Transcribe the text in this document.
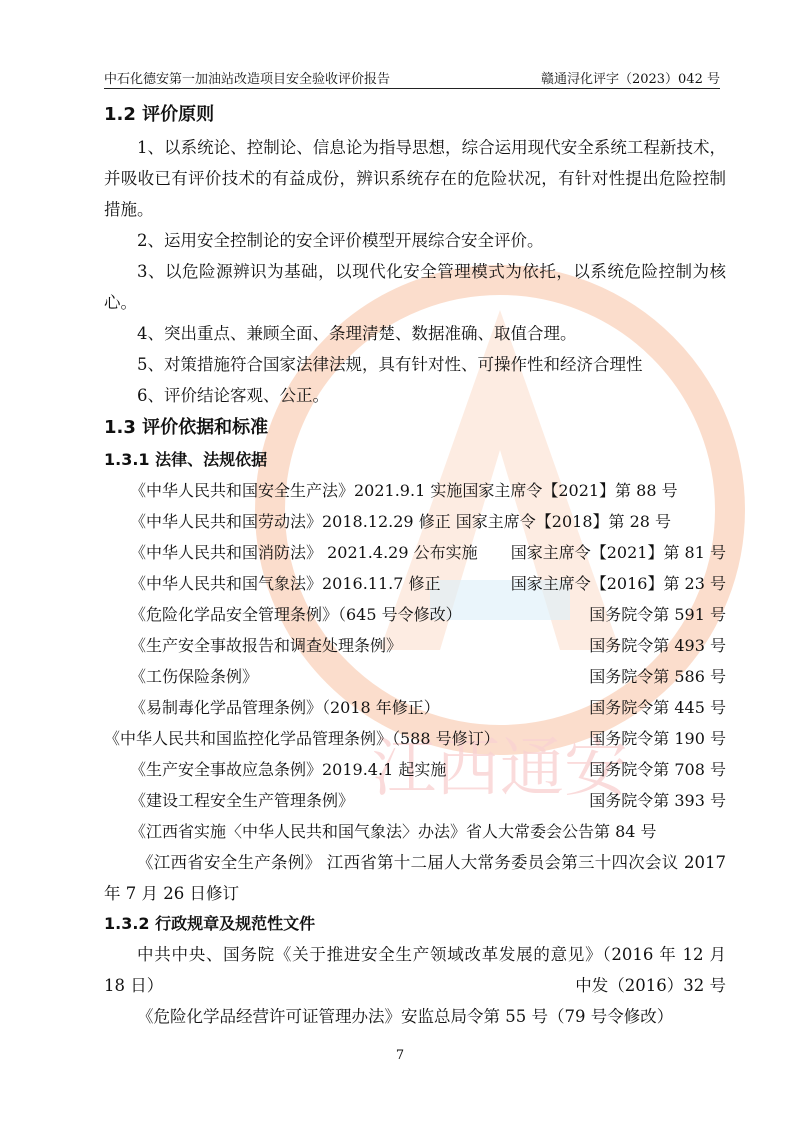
江西通安
中石化德安第一加油站改造项目安全验收评价报告	赣通浔化评字（2023）042 号
1.2 评价原则
1、以系统论、控制论、信息论为指导思想，综合运用现代安全系统工程新技术，并吸收已有评价技术的有益成份，辨识系统存在的危险状况，有针对性提出危险控制措施。
2、运用安全控制论的安全评价模型开展综合安全评价。
3、以危险源辨识为基础，以现代化安全管理模式为依托，以系统危险控制为核心。
4、突出重点、兼顾全面、条理清楚、数据准确、取值合理。
5、对策措施符合国家法律法规，具有针对性、可操作性和经济合理性
6、评价结论客观、公正。
1.3 评价依据和标准
1.3.1 法律、法规依据
《中华人民共和国安全生产法》2021.9.1 实施国家主席令【2021】第 88 号
《中华人民共和国劳动法》2018.12.29 修正 国家主席令【2018】第 28 号
《中华人民共和国消防法》 2021.4.29 公布实施 国家主席令【2021】第 81 号
《中华人民共和国气象法》2016.11.7 修正	国家主席令【2016】第 23 号
《危险化学品安全管理条例》（645 号令修改）	国务院令第 591 号
《生产安全事故报告和调查处理条例》	国务院令第 493 号
《工伤保险条例》	国务院令第 586 号
《易制毒化学品管理条例》（2018 年修正）	国务院令第 445 号
《中华人民共和国监控化学品管理条例》（588 号修订）	国务院令第 190 号
《生产安全事故应急条例》2019.4.1 起实施	国务院令第 708 号
《建设工程安全生产管理条例》	国务院令第 393 号
《江西省实施〈中华人民共和国气象法〉办法》省人大常委会公告第 84 号
《江西省安全生产条例》 江西省第十二届人大常务委员会第三十四次会议 2017 年 7 月 26 日修订
1.3.2 行政规章及规范性文件
中共中央、国务院《关于推进安全生产领域改革发展的意见》（2016 年 12 月 18 日）	中发（2016）32 号
《危险化学品经营许可证管理办法》安监总局令第 55 号（79 号令修改）
7
